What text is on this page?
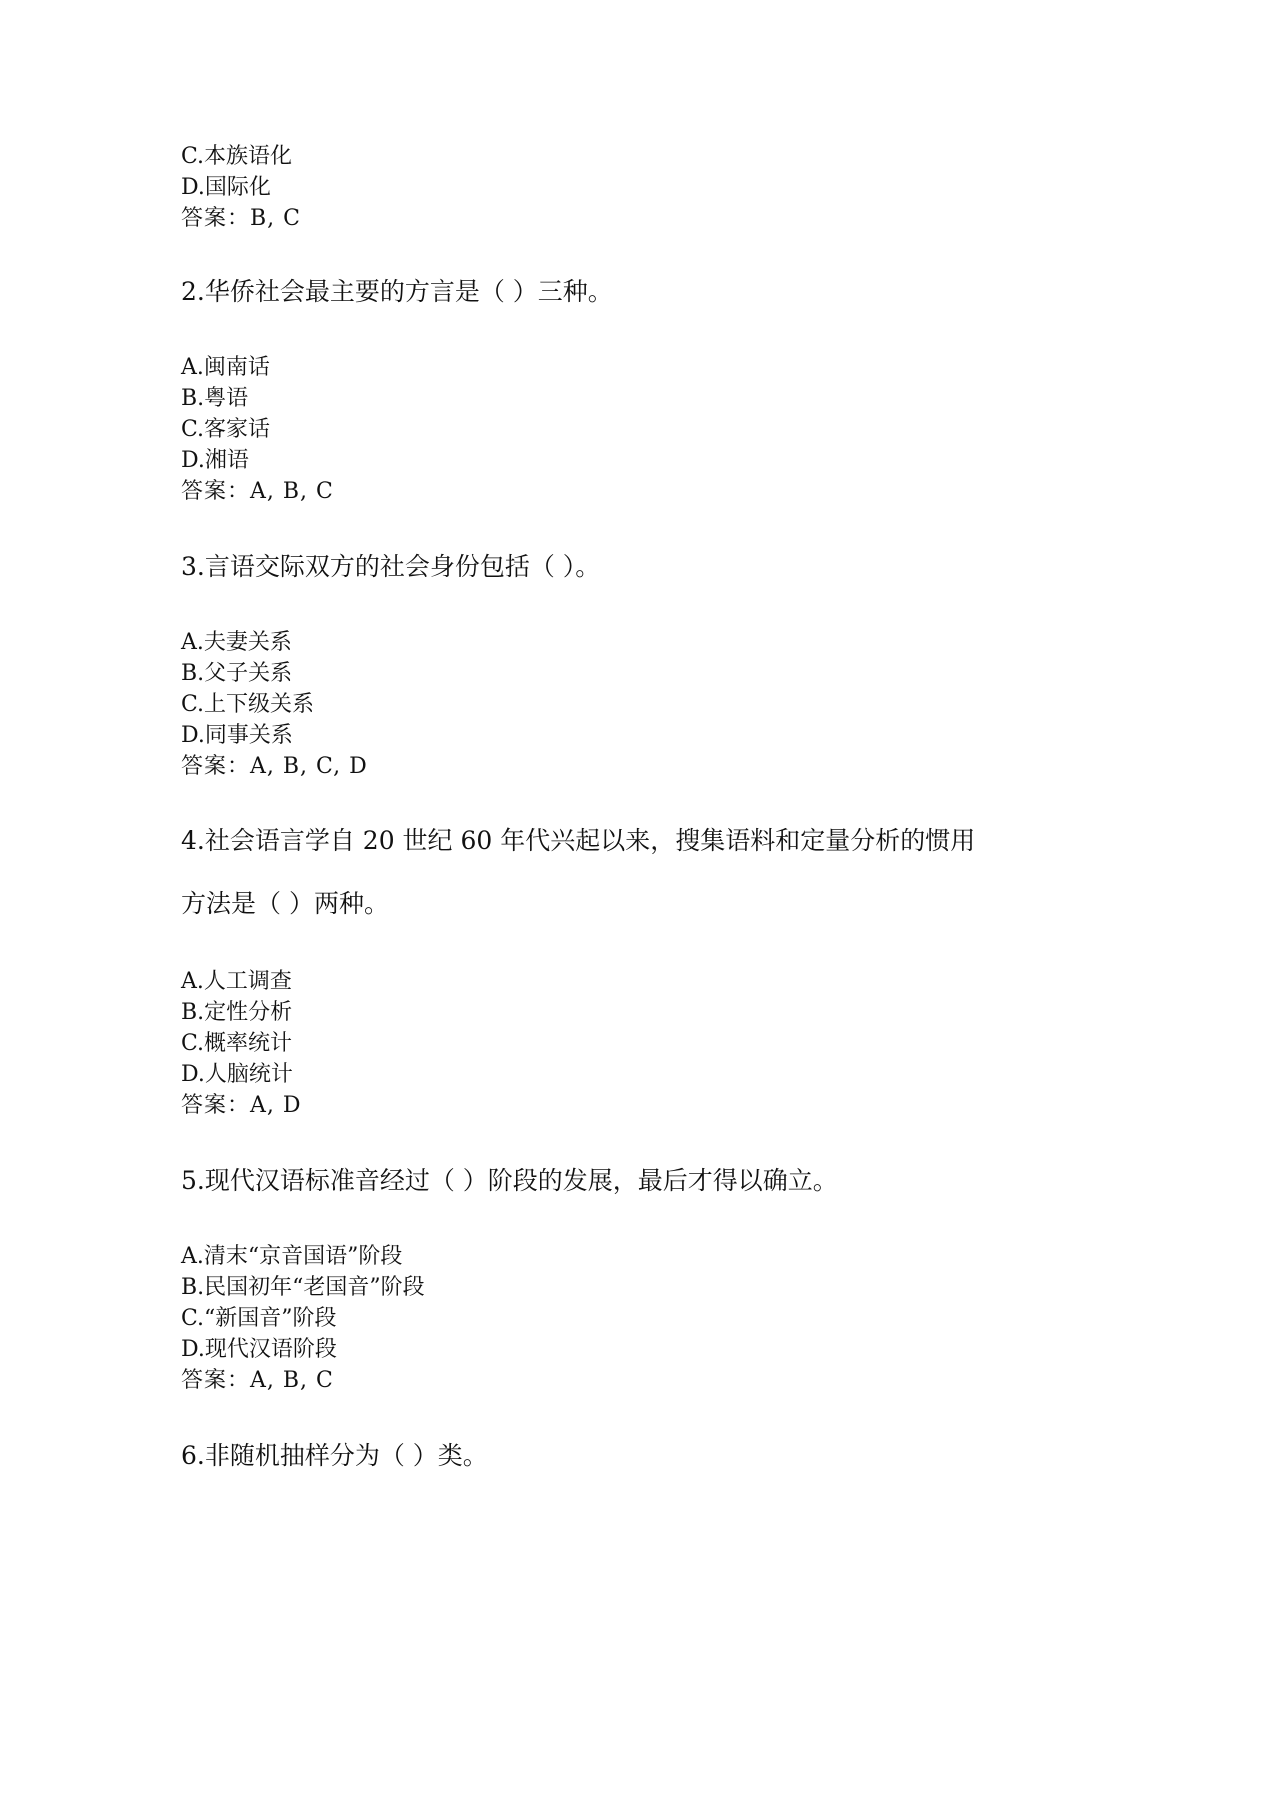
C.本族语化
D.国际化
答案：B, C
2.华侨社会最主要的方言是（ ）三种。
A.闽南话
B.粤语
C.客家话
D.湘语
答案：A, B, C
3.言语交际双方的社会身份包括（ ）。
A.夫妻关系
B.父子关系
C.上下级关系
D.同事关系
答案：A, B, C, D
4.社会语言学自 20 世纪 60 年代兴起以来，搜集语料和定量分析的惯用
方法是（ ）两种。
A.人工调查
B.定性分析
C.概率统计
D.人脑统计
答案：A, D
5.现代汉语标准音经过（ ）阶段的发展，最后才得以确立。
A.清末“京音国语”阶段
B.民国初年“老国音”阶段
C.“新国音”阶段
D.现代汉语阶段
答案：A, B, C
6.非随机抽样分为（ ）类。
